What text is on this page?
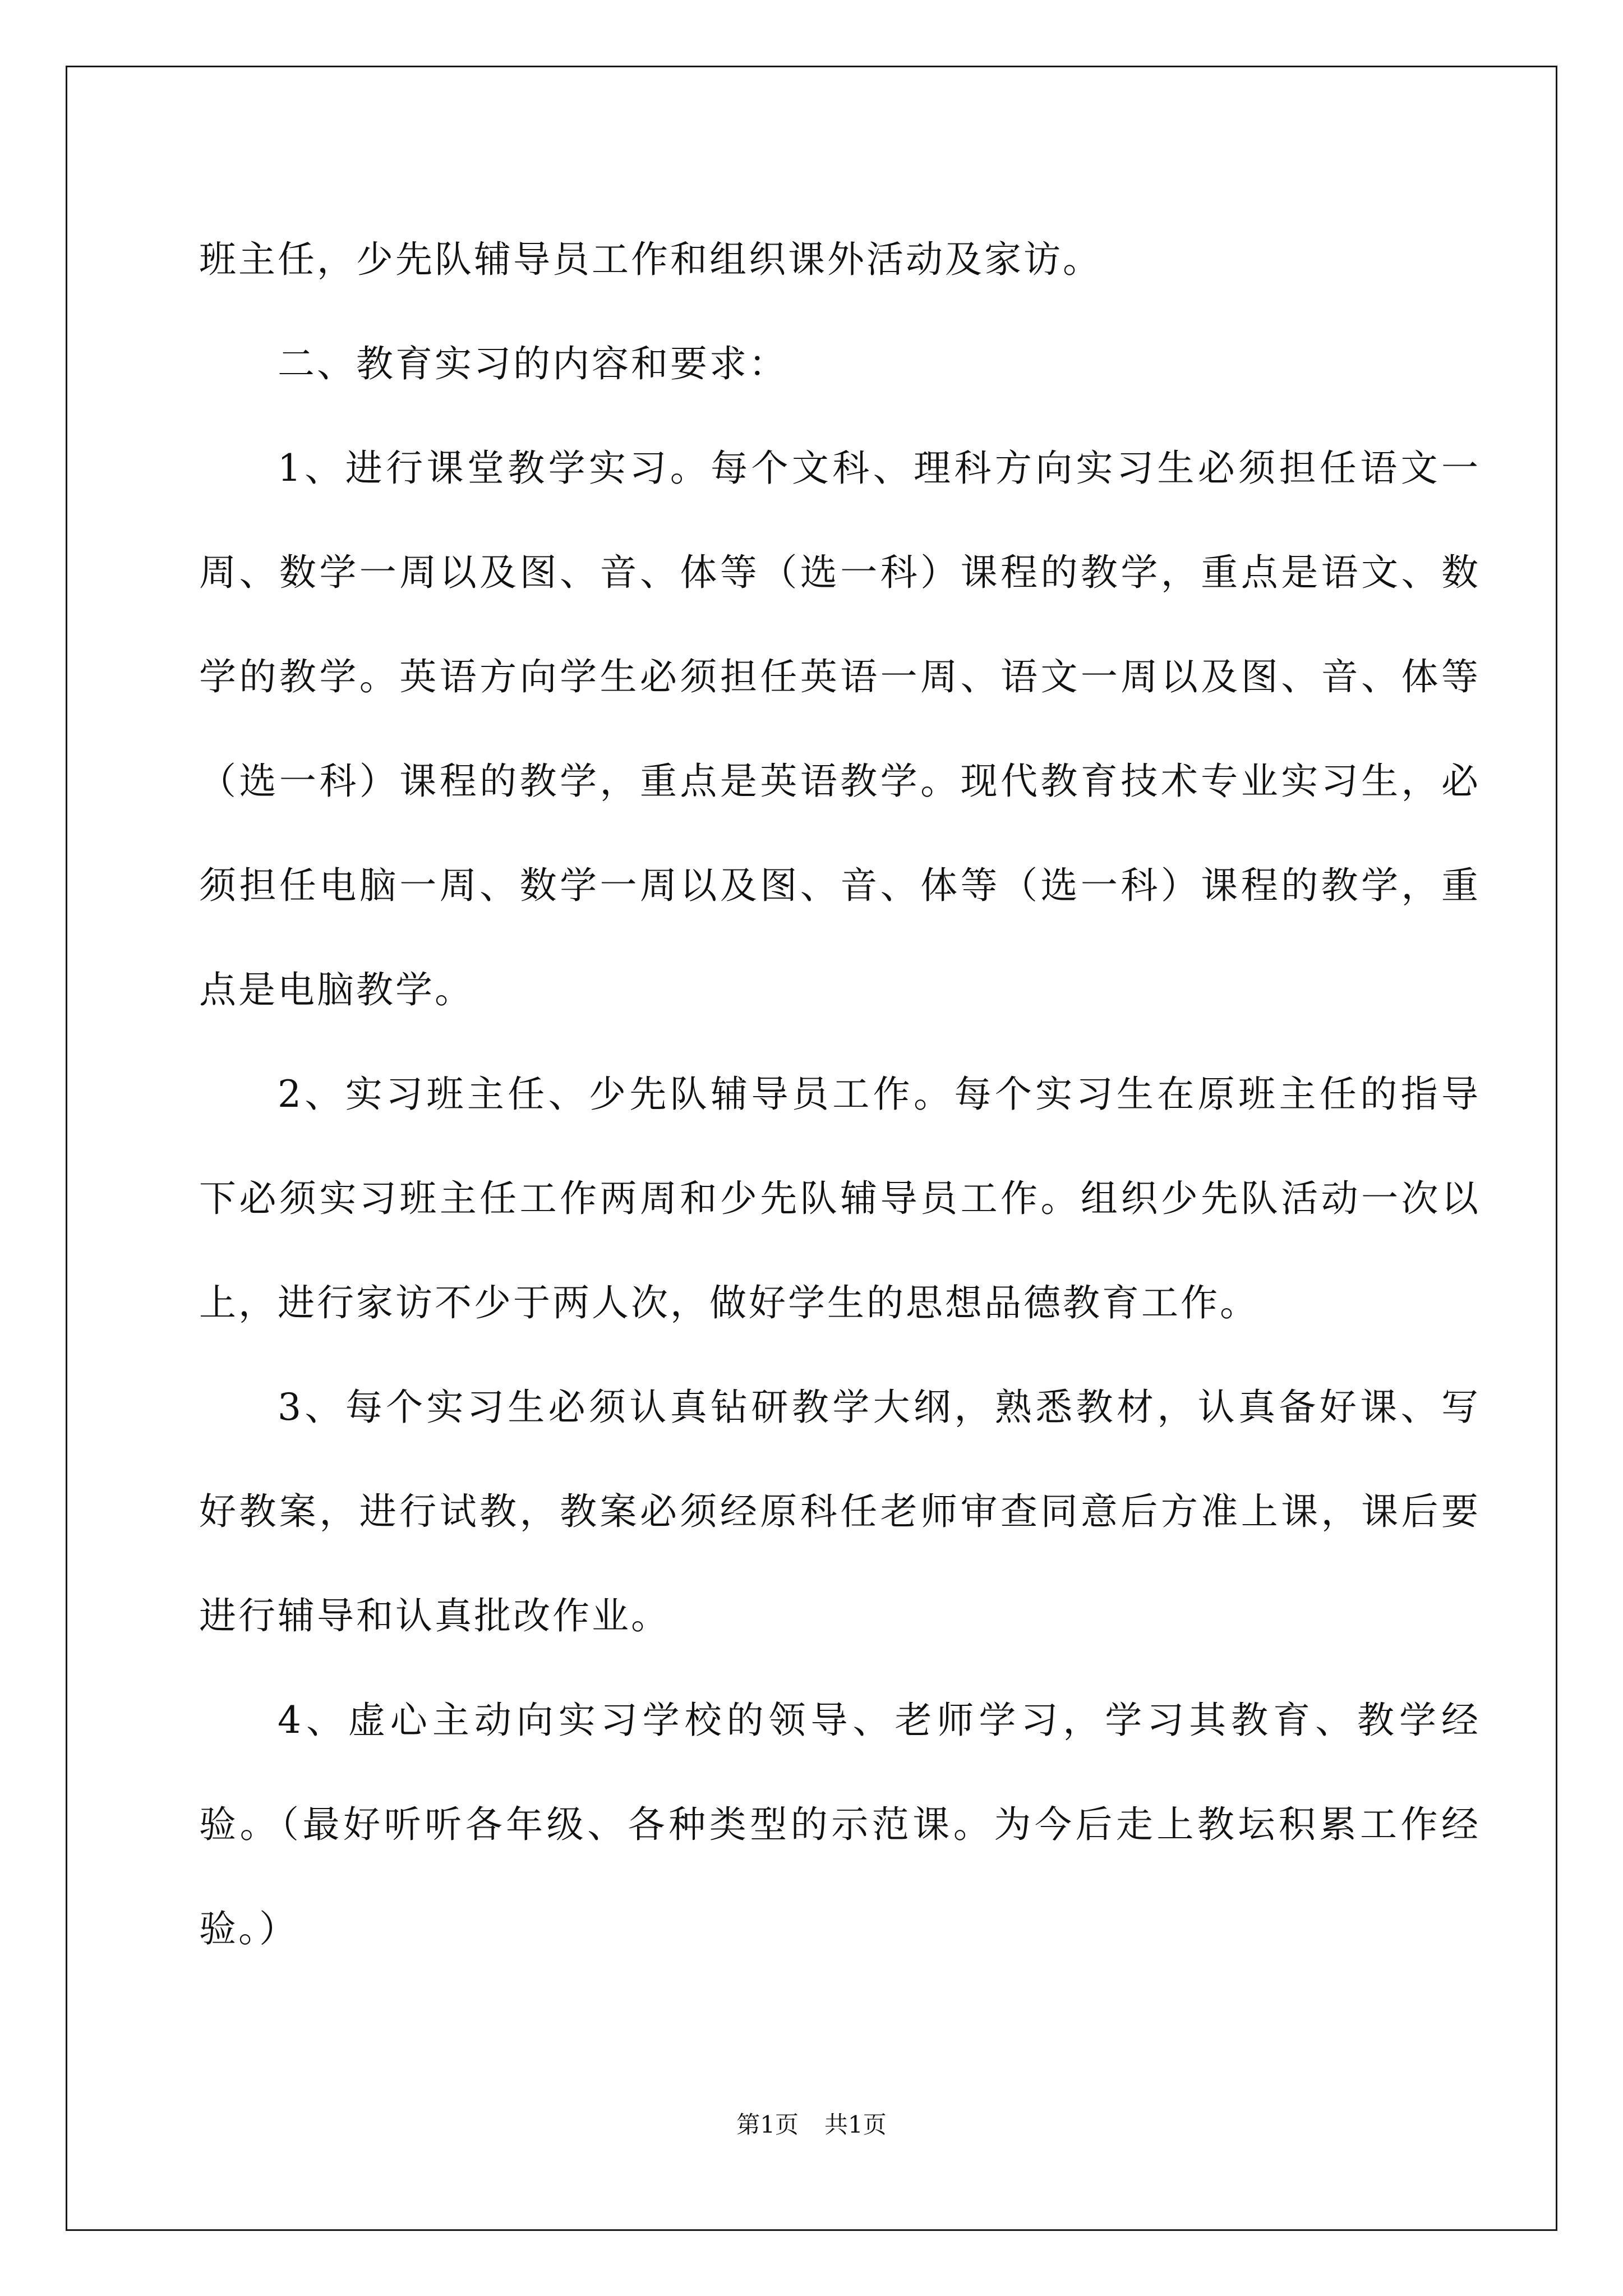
班主任，少先队辅导员工作和组织课外活动及家访。

二、教育实习的内容和要求：

1、进行课堂教学实习。每个文科、理科方向实习生必须担任语文一周、数学一周以及图、音、体等（选一科）课程的教学，重点是语文、数学的教学。英语方向学生必须担任英语一周、语文一周以及图、音、体等（选一科）课程的教学，重点是英语教学。现代教育技术专业实习生，必须担任电脑一周、数学一周以及图、音、体等（选一科）课程的教学，重点是电脑教学。

2、实习班主任、少先队辅导员工作。每个实习生在原班主任的指导下必须实习班主任工作两周和少先队辅导员工作。组织少先队活动一次以上，进行家访不少于两人次，做好学生的思想品德教育工作。

3、每个实习生必须认真钻研教学大纲，熟悉教材，认真备好课、写好教案，进行试教，教案必须经原科任老师审查同意后方准上课，课后要进行辅导和认真批改作业。

4、虚心主动向实习学校的领导、老师学习，学习其教育、教学经验。（最好听听各年级、各种类型的示范课。为今后走上教坛积累工作经验。）

第1页 共1页
